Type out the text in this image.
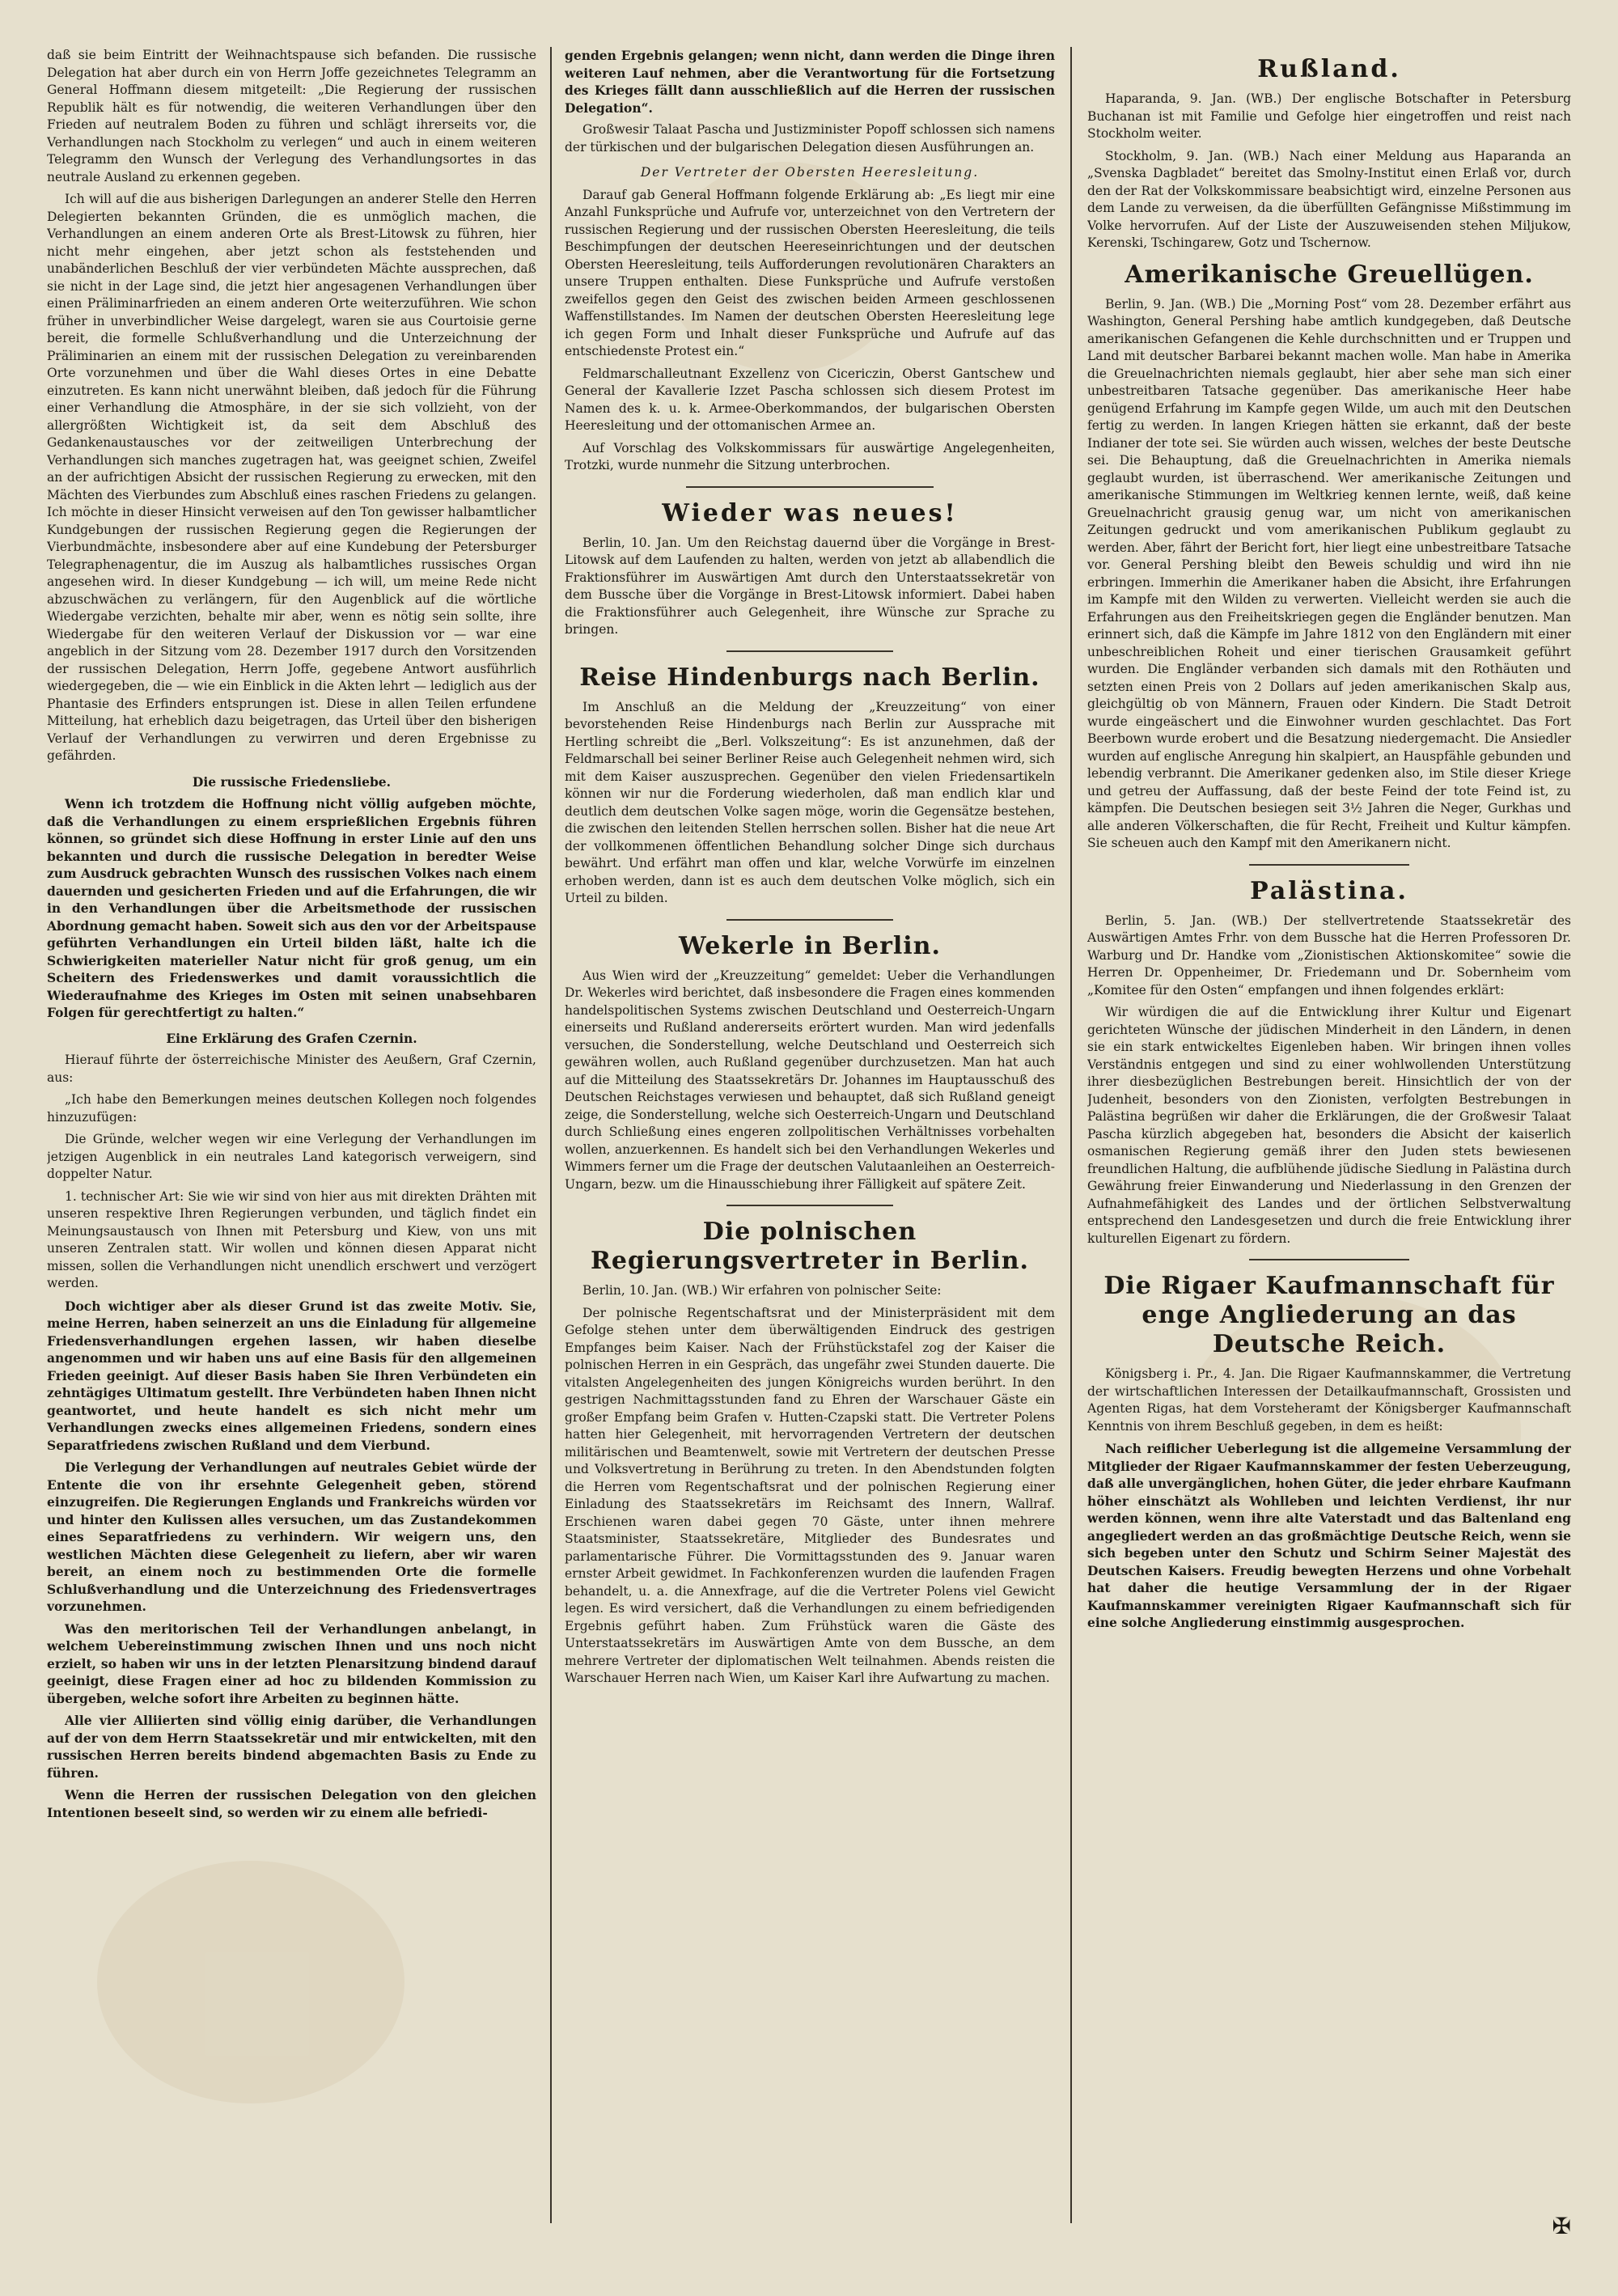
daß sie beim Eintritt der Weihnachtspause sich befanden. Die russische Delegation hat aber durch ein von Herrn Joffe gezeichnetes Telegramm an General Hoffmann diesem mitgeteilt: „Die Regierung der russischen Republik hält es für notwendig, die weiteren Verhandlungen über den Frieden auf neutralem Boden zu führen und schlägt ihrerseits vor, die Verhandlungen nach Stockholm zu verlegen“ und auch in einem weiteren Telegramm den Wunsch der Verlegung des Verhandlungsortes in das neutrale Ausland zu erkennen gegeben.

Ich will auf die aus bisherigen Darlegungen an anderer Stelle den Herren Delegierten bekannten Gründen, die es unmöglich machen, die Verhandlungen an einem anderen Orte als Brest-Litowsk zu führen, hier nicht mehr eingehen, aber jetzt schon als feststehenden und unabänderlichen Beschluß der vier verbündeten Mächte aussprechen, daß sie nicht in der Lage sind, die jetzt hier angesagenen Verhandlungen über einen Präliminarfrieden an einem anderen Orte weiterzuführen. Wie schon früher in unverbindlicher Weise dargelegt, waren sie aus Courtoisie gerne bereit, die formelle Schlußverhandlung und die Unterzeichnung der Präliminarien an einem mit der russischen Delegation zu vereinbarenden Orte vorzunehmen und über die Wahl dieses Ortes in eine Debatte einzutreten. Es kann nicht unerwähnt bleiben, daß jedoch für die Führung einer Verhandlung die Atmosphäre, in der sie sich vollzieht, von der allergrößten Wichtigkeit ist, da seit dem Abschluß des Gedankenaustausches vor der zeitweiligen Unterbrechung der Verhandlungen sich manches zugetragen hat, was geeignet schien, Zweifel an der aufrichtigen Absicht der russischen Regierung zu erwecken, mit den Mächten des Vierbundes zum Abschluß eines raschen Friedens zu gelangen. Ich möchte in dieser Hinsicht verweisen auf den Ton gewisser halbamtlicher Kundgebungen der russischen Regierung gegen die Regierungen der Vierbundmächte, insbesondere aber auf eine Kundebung der Petersburger Telegraphenagentur, die im Auszug als halbamtliches russisches Organ angesehen wird. In dieser Kundgebung — ich will, um meine Rede nicht abzuschwächen zu verlängern, für den Augenblick auf die wörtliche Wiedergabe verzichten, behalte mir aber, wenn es nötig sein sollte, ihre Wiedergabe für den weiteren Verlauf der Diskussion vor — war eine angeblich in der Sitzung vom 28. Dezember 1917 durch den Vorsitzenden der russischen Delegation, Herrn Joffe, gegebene Antwort ausführlich wiedergegeben, die — wie ein Einblick in die Akten lehrt — lediglich aus der Phantasie des Erfinders entsprungen ist. Diese in allen Teilen erfundene Mitteilung, hat erheblich dazu beigetragen, das Urteil über den bisherigen Verlauf der Verhandlungen zu verwirren und deren Ergebnisse zu gefährden.

Die russische Friedensliebe.

Wenn ich trotzdem die Hoffnung nicht völlig aufgeben möchte, daß die Verhandlungen zu einem ersprießlichen Ergebnis führen können, so gründet sich diese Hoffnung in erster Linie auf den uns bekannten und durch die russische Delegation in beredter Weise zum Ausdruck gebrachten Wunsch des russischen Volkes nach einem dauernden und gesicherten Frieden und auf die Erfahrungen, die wir in den Verhandlungen über die Arbeitsmethode der russischen Abordnung gemacht haben. Soweit sich aus den vor der Arbeitspause geführten Verhandlungen ein Urteil bilden läßt, halte ich die Schwierigkeiten materieller Natur nicht für groß genug, um ein Scheitern des Friedenswerkes und damit voraussichtlich die Wiederaufnahme des Krieges im Osten mit seinen unabsehbaren Folgen für gerechtfertigt zu halten.“

Eine Erklärung des Grafen Czernin.

Hierauf führte der österreichische Minister des Aeußern, Graf Czernin, aus:

„Ich habe den Bemerkungen meines deutschen Kollegen noch folgendes hinzuzufügen:

Die Gründe, welcher wegen wir eine Verlegung der Verhandlungen im jetzigen Augenblick in ein neutrales Land kategorisch verweigern, sind doppelter Natur.

1. technischer Art: Sie wie wir sind von hier aus mit direkten Drähten mit unseren respektive Ihren Regierungen verbunden, und täglich findet ein Meinungsaustausch von Ihnen mit Petersburg und Kiew, von uns mit unseren Zentralen statt. Wir wollen und können diesen Apparat nicht missen, sollen die Verhandlungen nicht unendlich erschwert und verzögert werden.

Doch wichtiger aber als dieser Grund ist das zweite Motiv. Sie, meine Herren, haben seinerzeit an uns die Einladung für allgemeine Friedensverhandlungen ergehen lassen, wir haben dieselbe angenommen und wir haben uns auf eine Basis für den allgemeinen Frieden geeinigt. Auf dieser Basis haben Sie Ihren Verbündeten ein zehntägiges Ultimatum gestellt. Ihre Verbündeten haben Ihnen nicht geantwortet, und heute handelt es sich nicht mehr um Verhandlungen zwecks eines allgemeinen Friedens, sondern eines Separatfriedens zwischen Rußland und dem Vierbund.

Die Verlegung der Verhandlungen auf neutrales Gebiet würde der Entente die von ihr ersehnte Gelegenheit geben, störend einzugreifen. Die Regierungen Englands und Frankreichs würden vor und hinter den Kulissen alles versuchen, um das Zustandekommen eines Separatfriedens zu verhindern. Wir weigern uns, den westlichen Mächten diese Gelegenheit zu liefern, aber wir waren bereit, an einem noch zu bestimmenden Orte die formelle Schlußverhandlung und die Unterzeichnung des Friedensvertrages vorzunehmen.

Was den meritorischen Teil der Verhandlungen anbelangt, in welchem Uebereinstimmung zwischen Ihnen und uns noch nicht erzielt, so haben wir uns in der letzten Plenarsitzung bindend darauf geeinigt, diese Fragen einer ad hoc zu bildenden Kommission zu übergeben, welche sofort ihre Arbeiten zu beginnen hätte.

Alle vier Alliierten sind völlig einig darüber, die Verhandlungen auf der von dem Herrn Staatssekretär und mir entwickelten, mit den russischen Herren bereits bindend abgemachten Basis zu Ende zu führen.

Wenn die Herren der russischen Delegation von den gleichen Intentionen beseelt sind, so werden wir zu einem alle befriedi-

genden Ergebnis gelangen; wenn nicht, dann werden die Dinge ihren weiteren Lauf nehmen, aber die Verantwortung für die Fortsetzung des Krieges fällt dann ausschließlich auf die Herren der russischen Delegation“.

Großwesir Talaat Pascha und Justizminister Popoff schlossen sich namens der türkischen und der bulgarischen Delegation diesen Ausführungen an.

Der Vertreter der Obersten Heeresleitung.

Darauf gab General Hoffmann folgende Erklärung ab: „Es liegt mir eine Anzahl Funksprüche und Aufrufe vor, unterzeichnet von den Vertretern der russischen Regierung und der russischen Obersten Heeresleitung, die teils Beschimpfungen der deutschen Heereseinrichtungen und der deutschen Obersten Heeresleitung, teils Aufforderungen revolutionären Charakters an unsere Truppen enthalten. Diese Funksprüche und Aufrufe verstoßen zweifellos gegen den Geist des zwischen beiden Armeen geschlossenen Waffenstillstandes. Im Namen der deutschen Obersten Heeresleitung lege ich gegen Form und Inhalt dieser Funksprüche und Aufrufe auf das entschiedenste Protest ein.“

Feldmarschalleutnant Exzellenz von Cicericzin, Oberst Gantschew und General der Kavallerie Izzet Pascha schlossen sich diesem Protest im Namen des k. u. k. Armee-Oberkommandos, der bulgarischen Obersten Heeresleitung und der ottomanischen Armee an.

Auf Vorschlag des Volkskommissars für auswärtige Angelegenheiten, Trotzki, wurde nunmehr die Sitzung unterbrochen.

Wieder was neues!

Berlin, 10. Jan. Um den Reichstag dauernd über die Vorgänge in Brest-Litowsk auf dem Laufenden zu halten, werden von jetzt ab allabendlich die Fraktionsführer im Auswärtigen Amt durch den Unterstaatssekretär von dem Bussche über die Vorgänge in Brest-Litowsk informiert. Dabei haben die Fraktionsführer auch Gelegenheit, ihre Wünsche zur Sprache zu bringen.

Reise Hindenburgs nach Berlin.

Im Anschluß an die Meldung der „Kreuzzeitung“ von einer bevorstehenden Reise Hindenburgs nach Berlin zur Aussprache mit Hertling schreibt die „Berl. Volkszeitung“: Es ist anzunehmen, daß der Feldmarschall bei seiner Berliner Reise auch Gelegenheit nehmen wird, sich mit dem Kaiser auszusprechen. Gegenüber den vielen Friedensartikeln können wir nur die Forderung wiederholen, daß man endlich klar und deutlich dem deutschen Volke sagen möge, worin die Gegensätze bestehen, die zwischen den leitenden Stellen herrschen sollen. Bisher hat die neue Art der vollkommenen öffentlichen Behandlung solcher Dinge sich durchaus bewährt. Und erfährt man offen und klar, welche Vorwürfe im einzelnen erhoben werden, dann ist es auch dem deutschen Volke möglich, sich ein Urteil zu bilden.

Wekerle in Berlin.

Aus Wien wird der „Kreuzzeitung“ gemeldet: Ueber die Verhandlungen Dr. Wekerles wird berichtet, daß insbesondere die Fragen eines kommenden handelspolitischen Systems zwischen Deutschland und Oesterreich-Ungarn einerseits und Rußland andererseits erörtert wurden. Man wird jedenfalls versuchen, die Sonderstellung, welche Deutschland und Oesterreich sich gewähren wollen, auch Rußland gegenüber durchzusetzen. Man hat auch auf die Mitteilung des Staatssekretärs Dr. Johannes im Hauptausschuß des Deutschen Reichstages verwiesen und behauptet, daß sich Rußland geneigt zeige, die Sonderstellung, welche sich Oesterreich-Ungarn und Deutschland durch Schließung eines engeren zollpolitischen Verhältnisses vorbehalten wollen, anzuerkennen. Es handelt sich bei den Verhandlungen Wekerles und Wimmers ferner um die Frage der deutschen Valutaanleihen an Oesterreich-Ungarn, bezw. um die Hinausschiebung ihrer Fälligkeit auf spätere Zeit.

Die polnischen Regierungsvertreter in Berlin.

Berlin, 10. Jan. (WB.) Wir erfahren von polnischer Seite:

Der polnische Regentschaftsrat und der Ministerpräsident mit dem Gefolge stehen unter dem überwältigenden Eindruck des gestrigen Empfanges beim Kaiser. Nach der Frühstückstafel zog der Kaiser die polnischen Herren in ein Gespräch, das ungefähr zwei Stunden dauerte. Die vitalsten Angelegenheiten des jungen Königreichs wurden berührt. In den gestrigen Nachmittagsstunden fand zu Ehren der Warschauer Gäste ein großer Empfang beim Grafen v. Hutten-Czapski statt. Die Vertreter Polens hatten hier Gelegenheit, mit hervorragenden Vertretern der deutschen militärischen und Beamtenwelt, sowie mit Vertretern der deutschen Presse und Volksvertretung in Berührung zu treten. In den Abendstunden folgten die Herren vom Regentschaftsrat und der polnischen Regierung einer Einladung des Staatssekretärs im Reichsamt des Innern, Wallraf. Erschienen waren dabei gegen 70 Gäste, unter ihnen mehrere Staatsminister, Staatssekretäre, Mitglieder des Bundesrates und parlamentarische Führer. Die Vormittagsstunden des 9. Januar waren ernster Arbeit gewidmet. In Fachkonferenzen wurden die laufenden Fragen behandelt, u. a. die Annexfrage, auf die die Vertreter Polens viel Gewicht legen. Es wird versichert, daß die Verhandlungen zu einem befriedigenden Ergebnis geführt haben. Zum Frühstück waren die Gäste des Unterstaatssekretärs im Auswärtigen Amte von dem Bussche, an dem mehrere Vertreter der diplomatischen Welt teilnahmen. Abends reisten die Warschauer Herren nach Wien, um Kaiser Karl ihre Aufwartung zu machen.

Rußland.

Haparanda, 9. Jan. (WB.) Der englische Botschafter in Petersburg Buchanan ist mit Familie und Gefolge hier eingetroffen und reist nach Stockholm weiter.

Stockholm, 9. Jan. (WB.) Nach einer Meldung aus Haparanda an „Svenska Dagbladet“ bereitet das Smolny-Institut einen Erlaß vor, durch den der Rat der Volkskommissare beabsichtigt wird, einzelne Personen aus dem Lande zu verweisen, da die überfüllten Gefängnisse Mißstimmung im Volke hervorrufen. Auf der Liste der Auszuweisenden stehen Miljukow, Kerenski, Tschingarew, Gotz und Tschernow.

Amerikanische Greuellügen.

Berlin, 9. Jan. (WB.) Die „Morning Post“ vom 28. Dezember erfährt aus Washington, General Pershing habe amtlich kundgegeben, daß Deutsche amerikanischen Gefangenen die Kehle durchschnitten und er Truppen und Land mit deutscher Barbarei bekannt machen wolle. Man habe in Amerika die Greuelnachrichten niemals geglaubt, hier aber sehe man sich einer unbestreitbaren Tatsache gegenüber. Das amerikanische Heer habe genügend Erfahrung im Kampfe gegen Wilde, um auch mit den Deutschen fertig zu werden. In langen Kriegen hätten sie erkannt, daß der beste Indianer der tote sei. Sie würden auch wissen, welches der beste Deutsche sei. Die Behauptung, daß die Greuelnachrichten in Amerika niemals geglaubt wurden, ist überraschend. Wer amerikanische Zeitungen und amerikanische Stimmungen im Weltkrieg kennen lernte, weiß, daß keine Greuelnachricht grausig genug war, um nicht von amerikanischen Zeitungen gedruckt und vom amerikanischen Publikum geglaubt zu werden. Aber, fährt der Bericht fort, hier liegt eine unbestreitbare Tatsache vor. General Pershing bleibt den Beweis schuldig und wird ihn nie erbringen. Immerhin die Amerikaner haben die Absicht, ihre Erfahrungen im Kampfe mit den Wilden zu verwerten. Vielleicht werden sie auch die Erfahrungen aus den Freiheitskriegen gegen die Engländer benutzen. Man erinnert sich, daß die Kämpfe im Jahre 1812 von den Engländern mit einer unbeschreiblichen Roheit und einer tierischen Grausamkeit geführt wurden. Die Engländer verbanden sich damals mit den Rothäuten und setzten einen Preis von 2 Dollars auf jeden amerikanischen Skalp aus, gleichgültig ob von Männern, Frauen oder Kindern. Die Stadt Detroit wurde eingeäschert und die Einwohner wurden geschlachtet. Das Fort Beerbown wurde erobert und die Besatzung niedergemacht. Die Ansiedler wurden auf englische Anregung hin skalpiert, an Hauspfähle gebunden und lebendig verbrannt. Die Amerikaner gedenken also, im Stile dieser Kriege und getreu der Auffassung, daß der beste Feind der tote Feind ist, zu kämpfen. Die Deutschen besiegen seit 3½ Jahren die Neger, Gurkhas und alle anderen Völkerschaften, die für Recht, Freiheit und Kultur kämpfen. Sie scheuen auch den Kampf mit den Amerikanern nicht.

Palästina.

Berlin, 5. Jan. (WB.) Der stellvertretende Staatssekretär des Auswärtigen Amtes Frhr. von dem Bussche hat die Herren Professoren Dr. Warburg und Dr. Handke vom „Zionistischen Aktionskomitee“ sowie die Herren Dr. Oppenheimer, Dr. Friedemann und Dr. Sobernheim vom „Komitee für den Osten“ empfangen und ihnen folgendes erklärt:

Wir würdigen die auf die Entwicklung ihrer Kultur und Eigenart gerichteten Wünsche der jüdischen Minderheit in den Ländern, in denen sie ein stark entwickeltes Eigenleben haben. Wir bringen ihnen volles Verständnis entgegen und sind zu einer wohlwollenden Unterstützung ihrer diesbezüglichen Bestrebungen bereit. Hinsichtlich der von der Judenheit, besonders von den Zionisten, verfolgten Bestrebungen in Palästina begrüßen wir daher die Erklärungen, die der Großwesir Talaat Pascha kürzlich abgegeben hat, besonders die Absicht der kaiserlich osmanischen Regierung gemäß ihrer den Juden stets bewiesenen freundlichen Haltung, die aufblühende jüdische Siedlung in Palästina durch Gewährung freier Einwanderung und Niederlassung in den Grenzen der Aufnahmefähigkeit des Landes und der örtlichen Selbstverwaltung entsprechend den Landesgesetzen und durch die freie Entwicklung ihrer kulturellen Eigenart zu fördern.

Die Rigaer Kaufmannschaft für enge Angliederung an das Deutsche Reich.

Königsberg i. Pr., 4. Jan. Die Rigaer Kaufmannskammer, die Vertretung der wirtschaftlichen Interessen der Detailkaufmannschaft, Grossisten und Agenten Rigas, hat dem Vorsteheramt der Königsberger Kaufmannschaft Kenntnis von ihrem Beschluß gegeben, in dem es heißt:

Nach reiflicher Ueberlegung ist die allgemeine Versammlung der Mitglieder der Rigaer Kaufmannskammer der festen Ueberzeugung, daß alle unvergänglichen, hohen Güter, die jeder ehrbare Kaufmann höher einschätzt als Wohlleben und leichten Verdienst, ihr nur werden können, wenn ihre alte Vaterstadt und das Baltenland eng angegliedert werden an das großmächtige Deutsche Reich, wenn sie sich begeben unter den Schutz und Schirm Seiner Majestät des Deutschen Kaisers. Freudig bewegten Herzens und ohne Vorbehalt hat daher die heutige Versammlung der in der Rigaer Kaufmannskammer vereinigten Rigaer Kaufmannschaft sich für eine solche Angliederung einstimmig ausgesprochen.

✠
